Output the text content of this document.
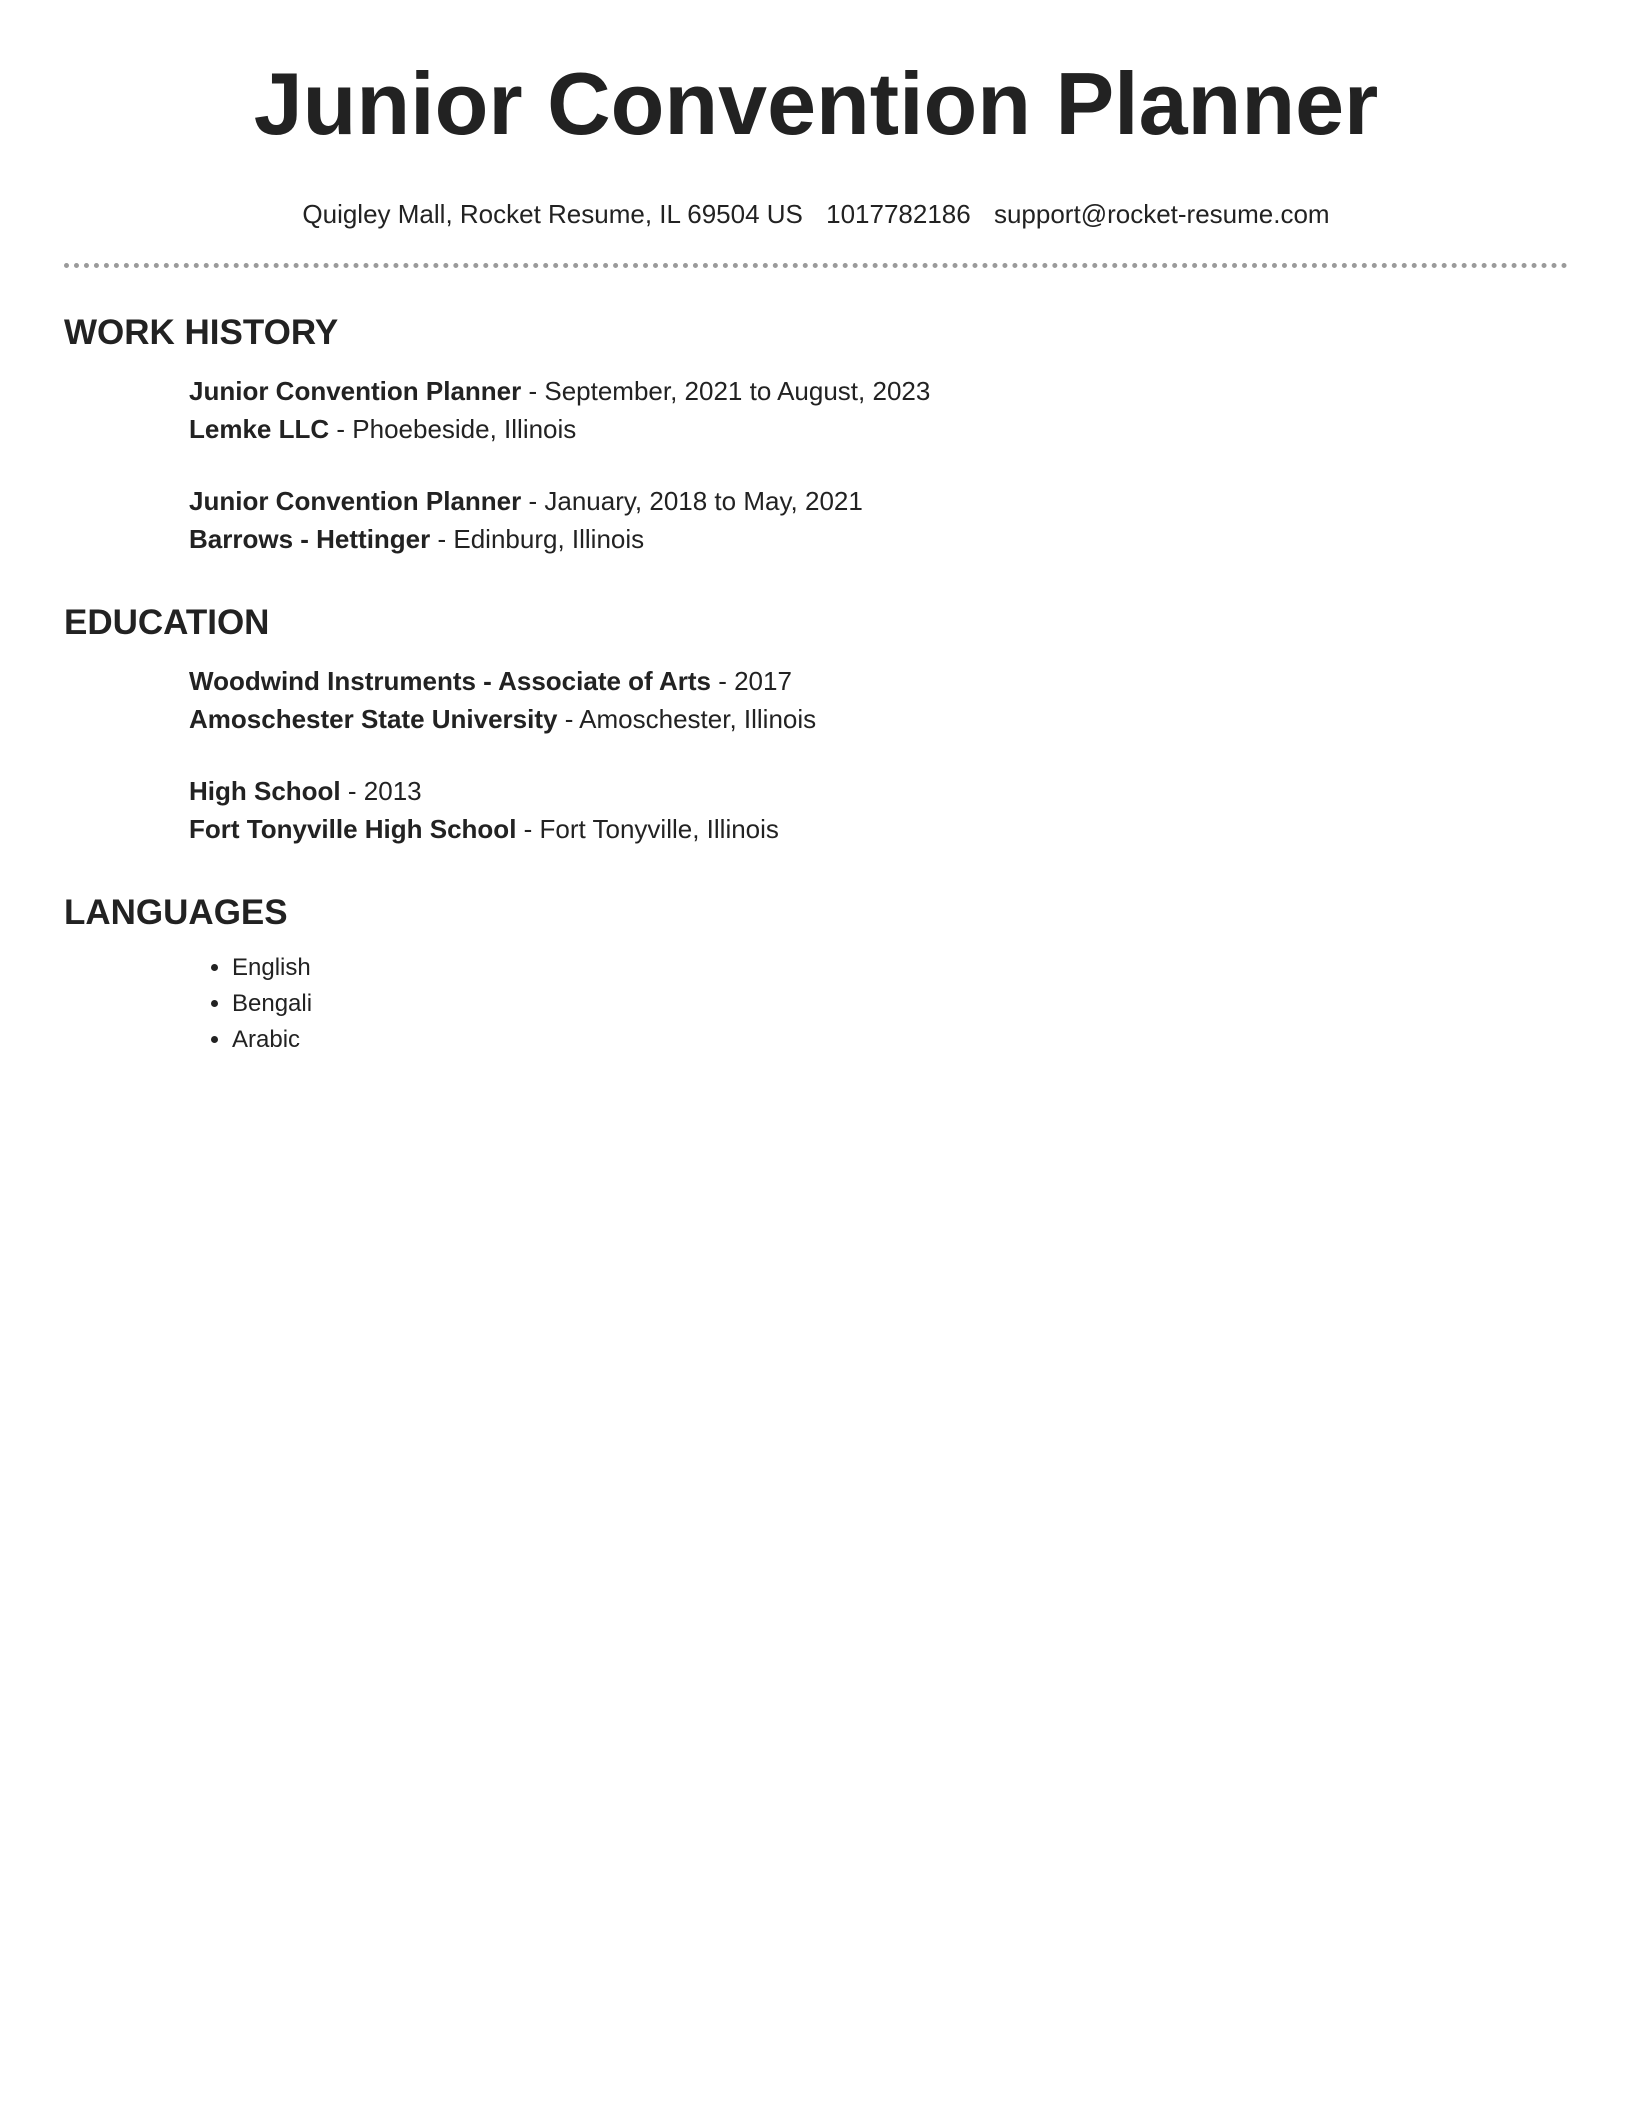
Junior Convention Planner
Quigley Mall, Rocket Resume, IL 69504 US 1017782186 support@rocket-resume.com
WORK HISTORY
Junior Convention Planner - September, 2021 to August, 2023
Lemke LLC - Phoebeside, Illinois
Junior Convention Planner - January, 2018 to May, 2021
Barrows - Hettinger - Edinburg, Illinois
EDUCATION
Woodwind Instruments - Associate of Arts - 2017
Amoschester State University - Amoschester, Illinois
High School - 2013
Fort Tonyville High School - Fort Tonyville, Illinois
LANGUAGES
• English
• Bengali
• Arabic
